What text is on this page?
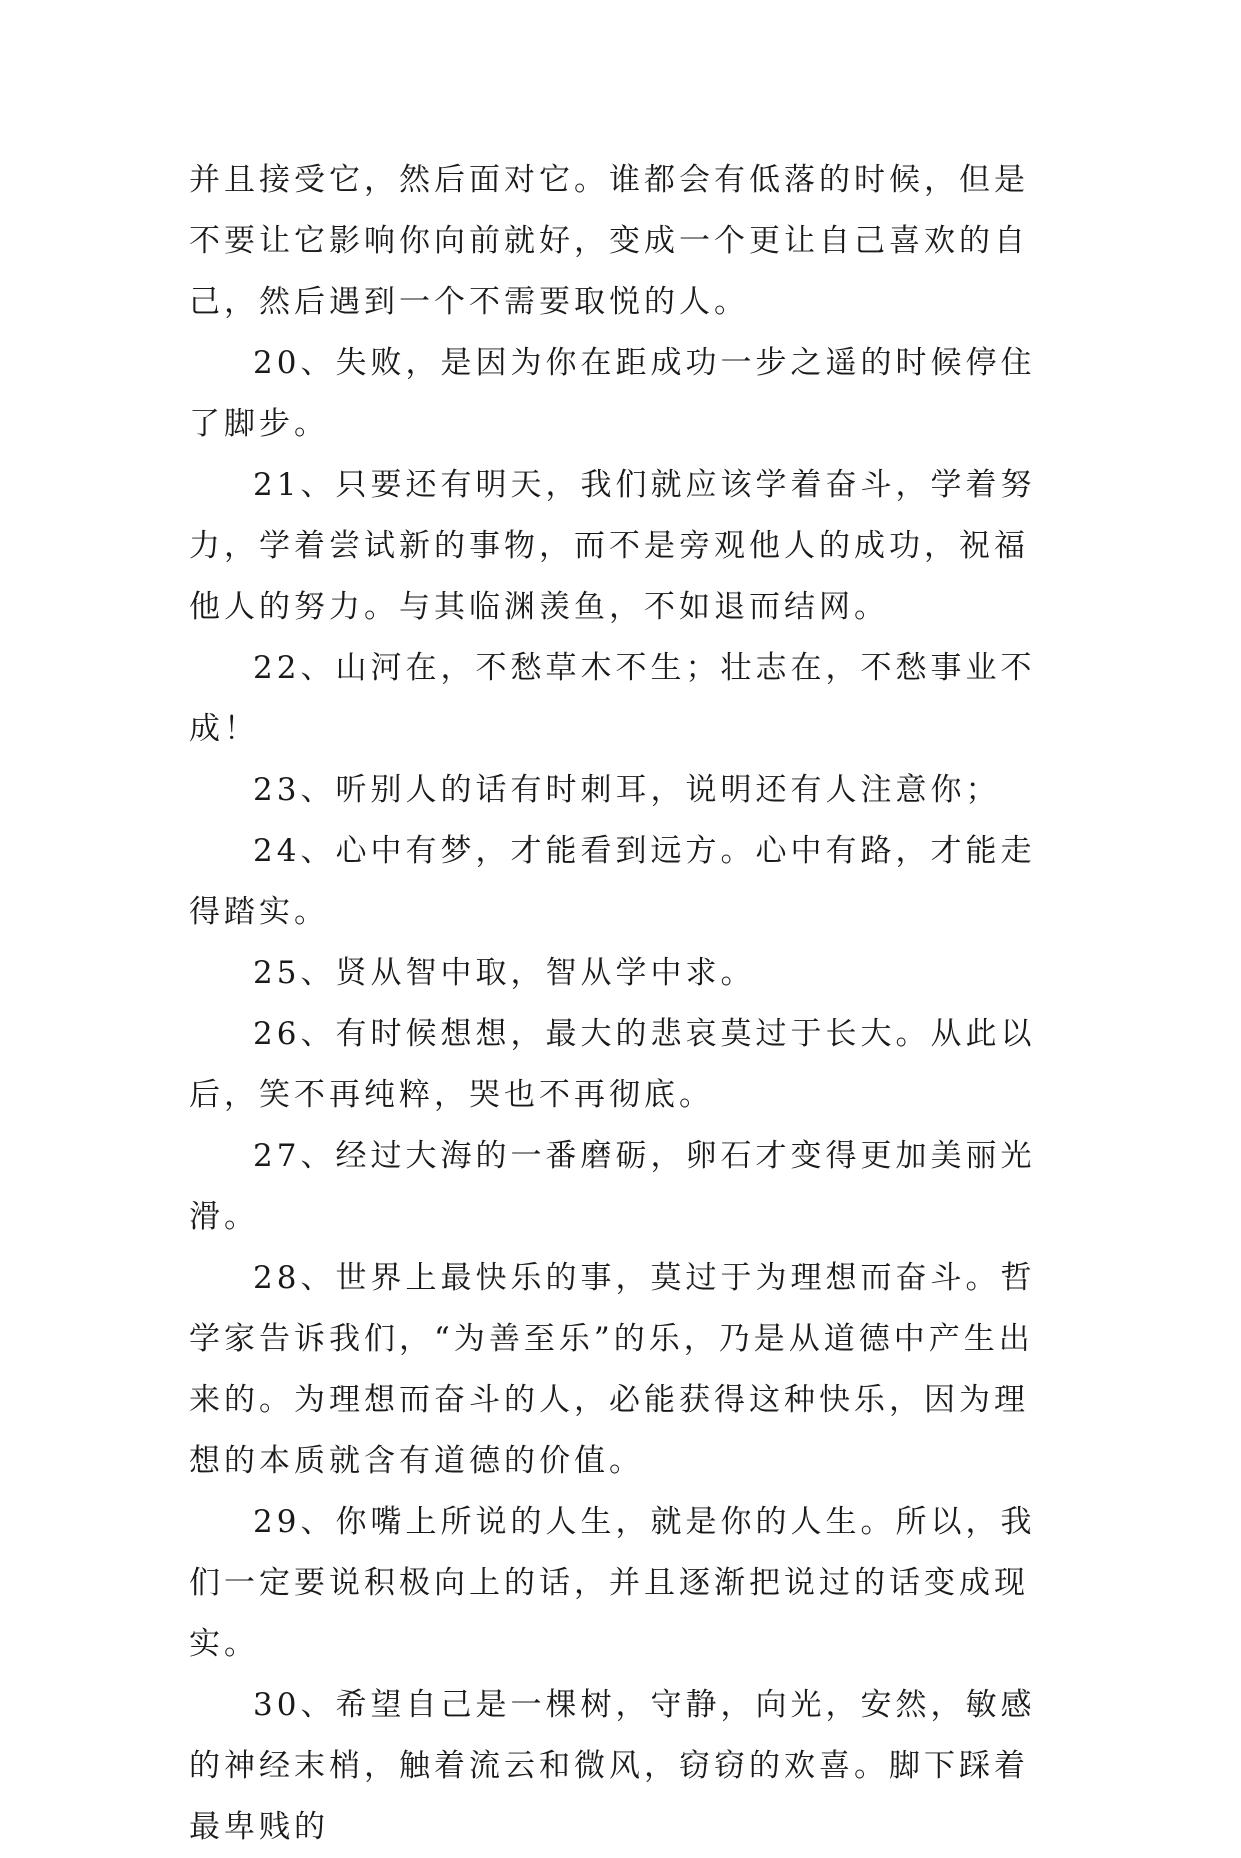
并且接受它，然后面对它。谁都会有低落的时候，但是不要让它影响你向前就好，变成一个更让自己喜欢的自己，然后遇到一个不需要取悦的人。

20、失败，是因为你在距成功一步之遥的时候停住了脚步。

21、只要还有明天，我们就应该学着奋斗，学着努力，学着尝试新的事物，而不是旁观他人的成功，祝福他人的努力。与其临渊羡鱼，不如退而结网。

22、山河在，不愁草木不生；壮志在，不愁事业不成！

23、听别人的话有时刺耳，说明还有人注意你；

24、心中有梦，才能看到远方。心中有路，才能走得踏实。

25、贤从智中取，智从学中求。

26、有时候想想，最大的悲哀莫过于长大。从此以后，笑不再纯粹，哭也不再彻底。

27、经过大海的一番磨砺，卵石才变得更加美丽光滑。

28、世界上最快乐的事，莫过于为理想而奋斗。哲学家告诉我们，“为善至乐”的乐，乃是从道德中产生出来的。为理想而奋斗的人，必能获得这种快乐，因为理想的本质就含有道德的价值。

29、你嘴上所说的人生，就是你的人生。所以，我们一定要说积极向上的话，并且逐渐把说过的话变成现实。

30、希望自己是一棵树，守静，向光，安然，敏感的神经末梢，触着流云和微风，窃窃的欢喜。脚下踩着最卑贱的
